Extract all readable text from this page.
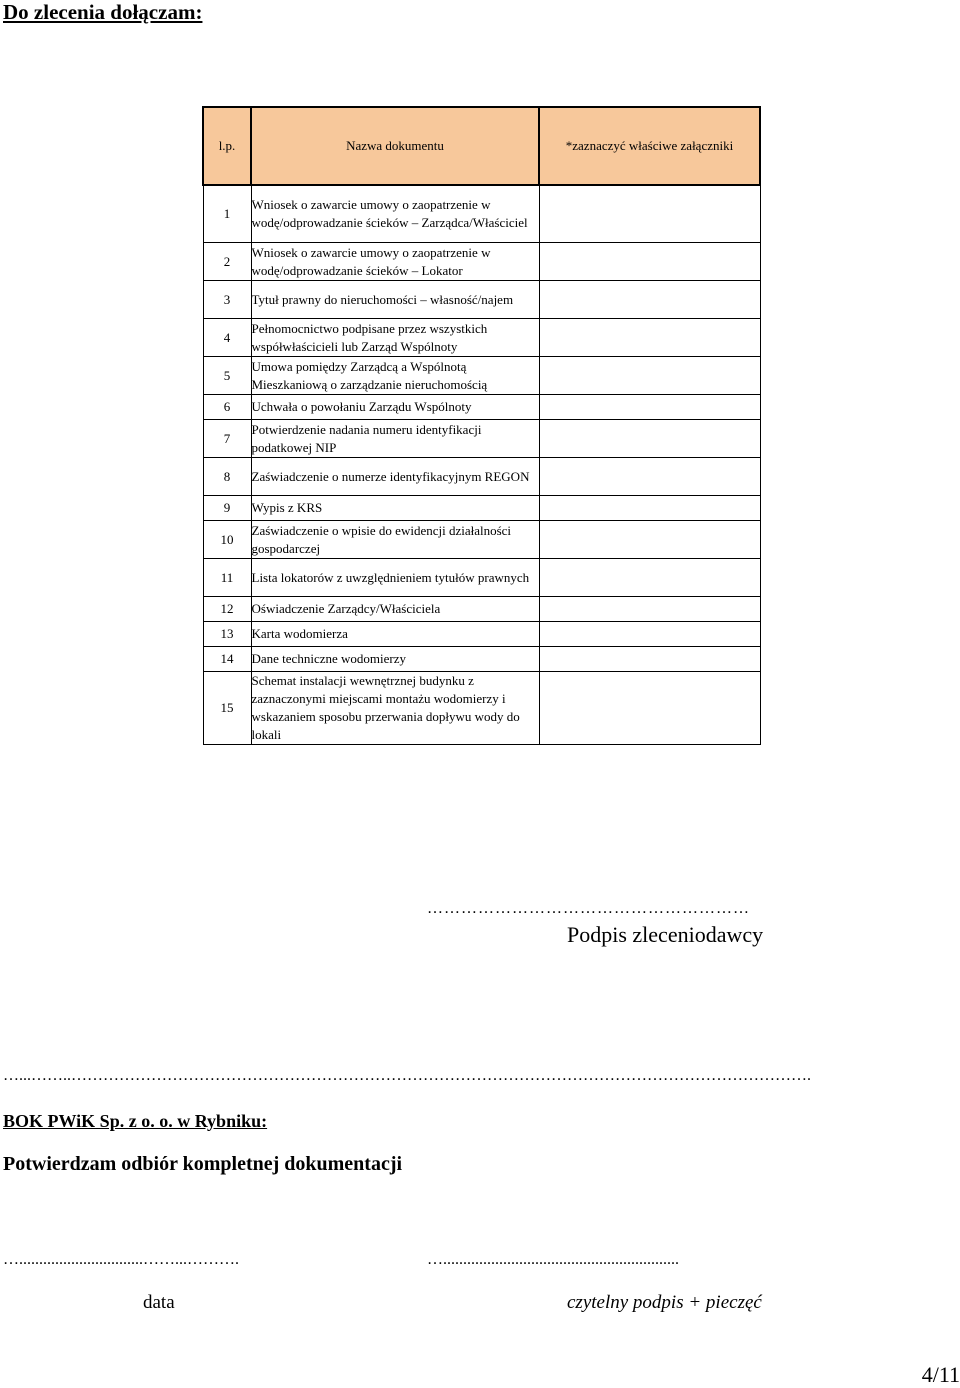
Do zlecenia dołączam:
l.p.	Nazwa dokumentu	*zaznaczyć właściwe załączniki
1	Wniosek o zawarcie umowy o zaopatrzenie w wodę/odprowadzanie ścieków – Zarządca/Właściciel	
2	Wniosek o zawarcie umowy o zaopatrzenie w wodę/odprowadzanie ścieków – Lokator	
3	Tytuł prawny do nieruchomości – własność/najem	
4	Pełnomocnictwo podpisane przez wszystkich współwłaścicieli lub Zarząd Wspólnoty	
5	Umowa pomiędzy Zarządcą a Wspólnotą Mieszkaniową o zarządzanie nieruchomością	
6	Uchwała o powołaniu Zarządu Wspólnoty	
7	Potwierdzenie nadania numeru identyfikacji podatkowej NIP	
8	Zaświadczenie o numerze identyfikacyjnym REGON	
9	Wypis z KRS	
10	Zaświadczenie o wpisie do ewidencji działalności gospodarczej	
11	Lista lokatorów z uwzględnieniem tytułów prawnych	
12	Oświadczenie Zarządcy/Właściciela	
13	Karta wodomierza	
14	Dane techniczne wodomierzy	
15	Schemat instalacji wewnętrznej budynku z zaznaczonymi miejscami montażu wodomierzy i wskazaniem sposobu przerwania dopływu wody do lokali	
…………………………………………………
Podpis zleceniodawcy
…...……..………………………………………………………………………………………………………………………….
BOK PWiK Sp. z o. o. w Rybniku:
Potwierdzam odbiór kompletnej dokumentacji
…...............................……...……….	…...........................................................
data	czytelny podpis + pieczęć
4/11
